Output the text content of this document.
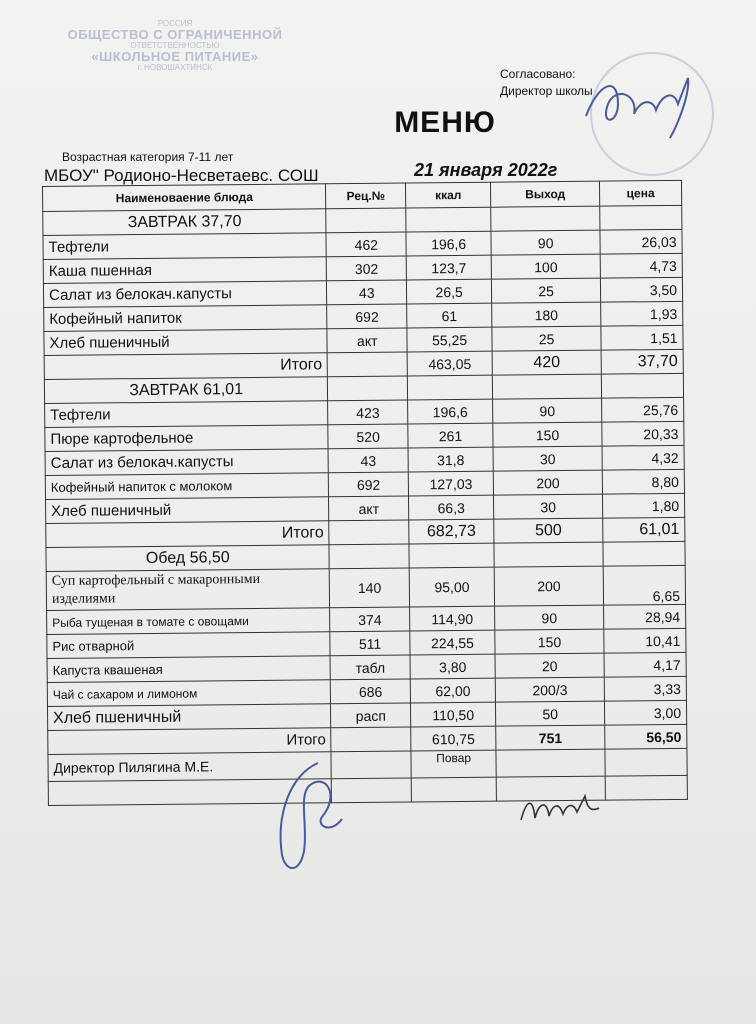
РОССИЯ
ОБЩЕСТВО С ОГРАНИЧЕННОЙ
ОТВЕТСТВЕННОСТЬЮ
«ШКОЛЬНОЕ ПИТАНИЕ»
г. НОВОШАХТИНСК	Согласовано:
Директор школы
МЕНЮ
Возрастная категория 7-11 лет
МБОУ" Родионо-Несветаевс. СОШ	21 января 2022г
Наименоваение блюда	Рец.№	ккал	Выход	цена
ЗАВТРАК 37,70				
Тефтели	462	196,6	90	26,03
Каша пшенная	302	123,7	100	4,73
Салат из белокач.капусты	43	26,5	25	3,50
Кофейный напиток	692	61	180	1,93
Хлеб пшеничный	акт	55,25	25	1,51
Итого		463,05	420	37,70
ЗАВТРАК 61,01				
Тефтели	423	196,6	90	25,76
Пюре картофельное	520	261	150	20,33
Салат из белокач.капусты	43	31,8	30	4,32
Кофейный напиток с молоком	692	127,03	200	8,80
Хлеб пшеничный	акт	66,3	30	1,80
Итого		682,73	500	61,01
Обед 56,50				
Суп картофельный с макаронными изделиями	140	95,00	200	6,65
Рыба тущеная в томате с овощами	374	114,90	90	28,94
Рис отварной	511	224,55	150	10,41
Капуста квашеная	табл	3,80	20	4,17
Чай с сахаром и лимоном	686	62,00	200/3	3,33
Хлеб пшеничный	расп	110,50	50	3,00
Итого		610,75	751	56,50
Директор Пилягина М.Е.		Повар		
